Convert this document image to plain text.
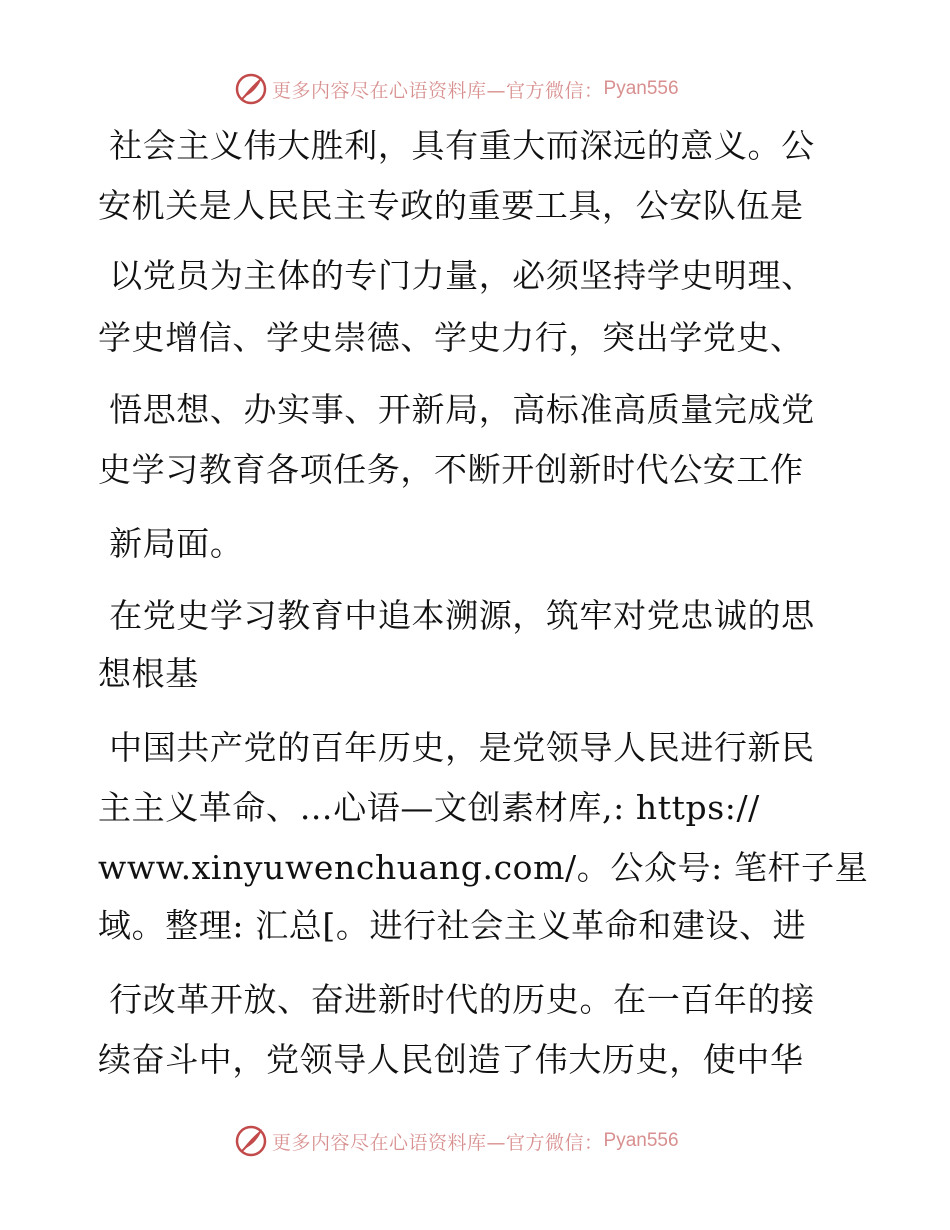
更多内容尽在心语资料库—官方微信： Pyan556
社会主义伟大胜利，具有重大而深远的意义。公
安机关是人民民主专政的重要工具，公安队伍是
以党员为主体的专门力量，必须坚持学史明理、
学史增信、学史崇德、学史力行，突出学党史、
悟思想、办实事、开新局，高标准高质量完成党
史学习教育各项任务，不断开创新时代公安工作
新局面。
在党史学习教育中追本溯源，筑牢对党忠诚的思
想根基
中国共产党的百年历史，是党领导人民进行新民
主主义革命、…心语—文创素材库,: https://
www.xinyuwenchuang.com/。公众号: 笔杆子星
域。整理: 汇总[。进行社会主义革命和建设、进
行改革开放、奋进新时代的历史。在一百年的接
续奋斗中，党领导人民创造了伟大历史，使中华
更多内容尽在心语资料库—官方微信： Pyan556
